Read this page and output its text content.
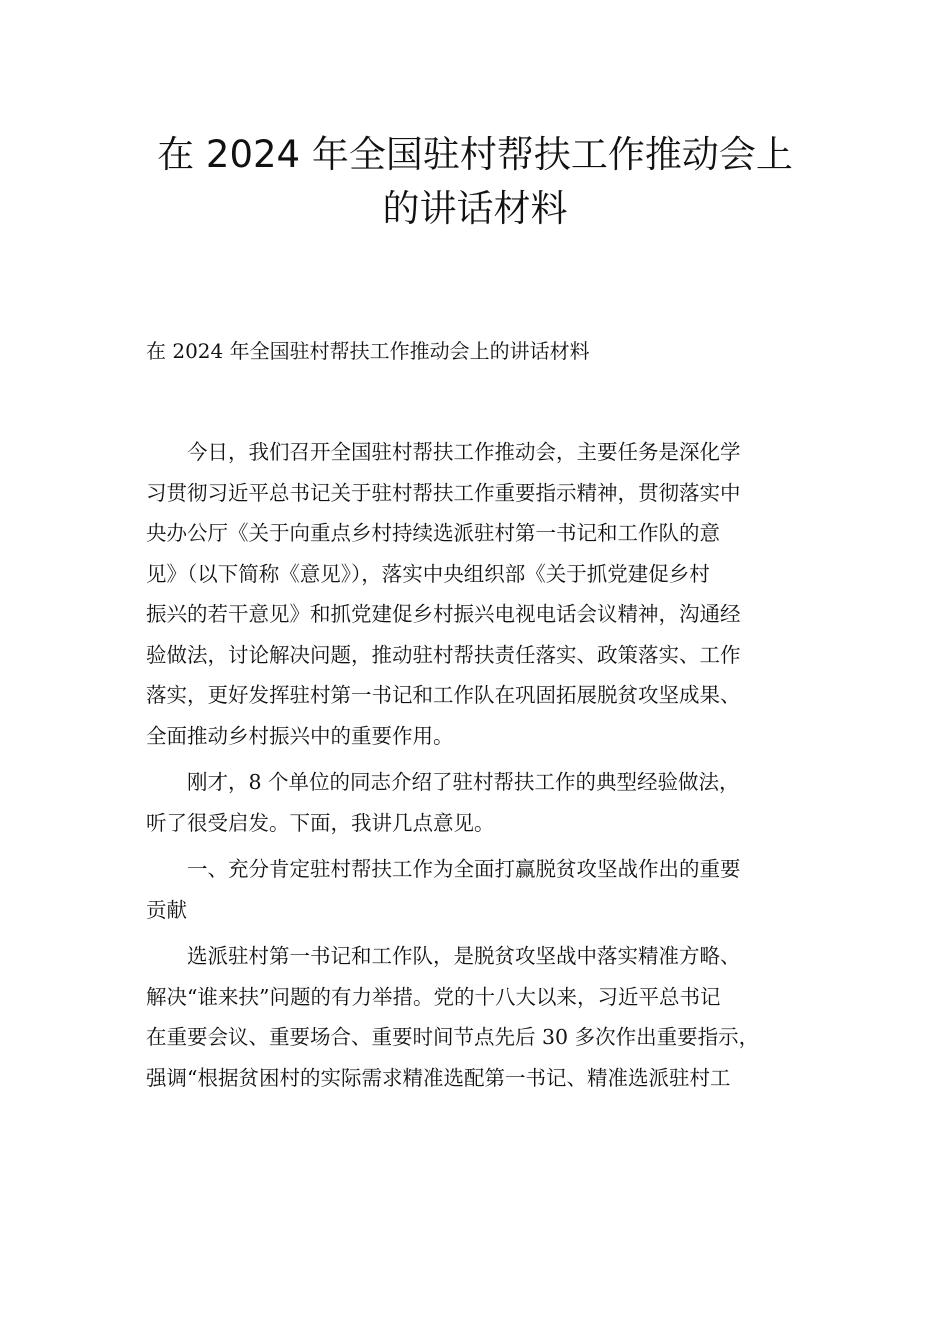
在 2024 年全国驻村帮扶工作推动会上
的讲话材料
在 2024 年全国驻村帮扶工作推动会上的讲话材料
今日，我们召开全国驻村帮扶工作推动会，主要任务是深化学
习贯彻习近平总书记关于驻村帮扶工作重要指示精神，贯彻落实中
央办公厅《关于向重点乡村持续选派驻村第一书记和工作队的意
见》（以下简称《意见》），落实中央组织部《关于抓党建促乡村
振兴的若干意见》和抓党建促乡村振兴电视电话会议精神，沟通经
验做法，讨论解决问题，推动驻村帮扶责任落实、政策落实、工作
落实，更好发挥驻村第一书记和工作队在巩固拓展脱贫攻坚成果、
全面推动乡村振兴中的重要作用。
刚才，8 个单位的同志介绍了驻村帮扶工作的典型经验做法，
听了很受启发。下面，我讲几点意见。
一、充分肯定驻村帮扶工作为全面打赢脱贫攻坚战作出的重要
贡献
选派驻村第一书记和工作队，是脱贫攻坚战中落实精准方略、
解决“谁来扶”问题的有力举措。党的十八大以来，习近平总书记
在重要会议、重要场合、重要时间节点先后 30 多次作出重要指示，
强调“根据贫困村的实际需求精准选配第一书记、精准选派驻村工
